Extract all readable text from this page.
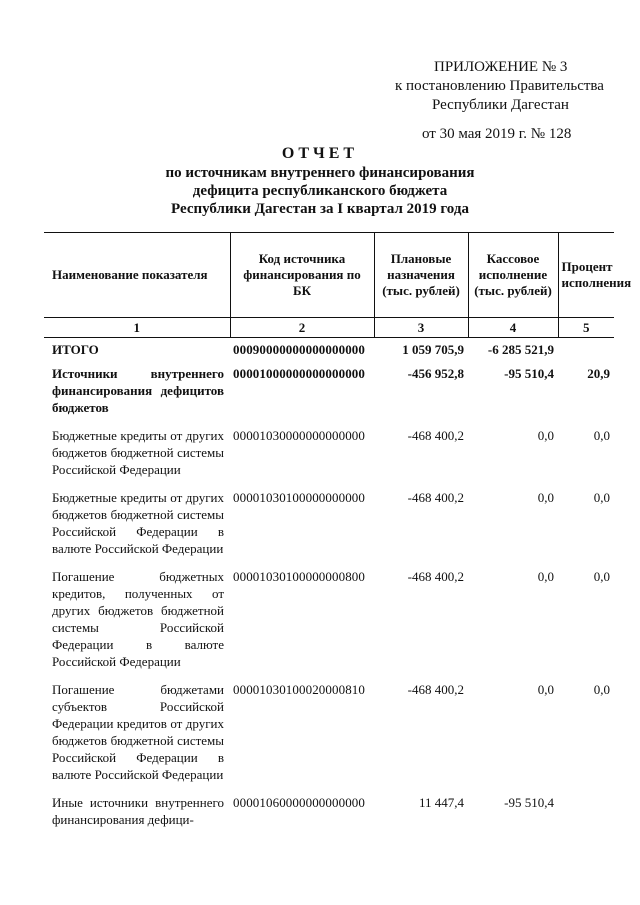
ПРИЛОЖЕНИЕ № 3
к постановлению Правительства
Республики Дагестан
от 30 мая 2019 г. № 128
ОТЧЕТ
по источникам внутреннего финансирования
дефицита республиканского бюджета
Республики Дагестан за I квартал 2019 года
Наименование показателя	Код источника финансирования по БК	Плановые назначения (тыс. рублей)	Кассовое исполнение (тыс. рублей)	Процент исполнения
1	2	3	4	5
ИТОГО	00090000000000000000	1 059 705,9	-6 285 521,9	
Источники внутреннего финансирования дефицитов бюджетов	00001000000000000000	-456 952,8	-95 510,4	20,9
Бюджетные кредиты от других бюджетов бюджетной системы Российской Федерации	00001030000000000000	-468 400,2	0,0	0,0
Бюджетные кредиты от других бюджетов бюджетной системы Российской Федерации в валюте Российской Федерации	00001030100000000000	-468 400,2	0,0	0,0
Погашение бюджетных кредитов, полученных от других бюджетов бюджетной системы Российской Федерации в валюте Российской Федерации	00001030100000000800	-468 400,2	0,0	0,0
Погашение бюджетами субъектов Российской Федерации кредитов от других бюджетов бюджетной системы Российской Федерации в валюте Российской Федерации	00001030100020000810	-468 400,2	0,0	0,0
Иные источники внутреннего финансирования дефици-	00001060000000000000	11 447,4	-95 510,4	
